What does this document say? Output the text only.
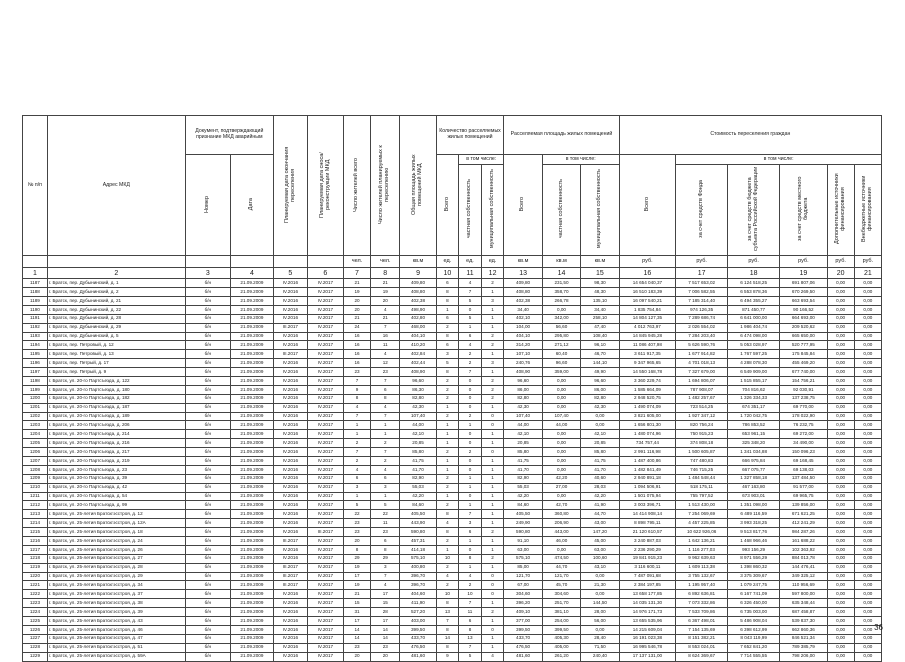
№ п/п	Адрес МКД	Документ, подтверждающий признание МКД аварийным		Планируемая дата окончания переселения	Планируемая дата сноса/реконструкции МКД	Число жителей всего	Число жителей планируемых к переселению	Общая площадь жилых помещений МКД	Количество расселяемых жилых помещений			Расселяемая площадь жилых помещений			Стоимость переселения граждан					
		Номер	Дата						Всего	в том числе:		Всего	в том числе:		Всего	в том числе:				
										частная собственность	муниципальная собственность		частная собственность	муниципальная собственность		за счет средств Фонда	за счет средств бюджета субъекта Российской Федерации	за счет средств местного бюджета	Дополнительные источники финансирования	Внебюджетные источники финансирования
						чел.	чел.	кв.м	ед.	ед.	ед.	кв.м	кв.м	кв.м	руб.	руб.	руб.	руб.	руб.	руб.
1	2	3	4	5	6	7	8	9	10	11	12	13	14	15	16	17	18	19	20	21
1187	г. Братск, пер. Дубынинский, д. 1	б/н	21.09.2009	IV.2016	IV.2017	21	21	409,80	6	4	2	409,80	231,50	98,30	14 654 040,37	7 517 653,02	6 124 518,25	691 807,06	0,00	0,00
1188	г. Братск, пер. Дубынинский, д. 2	б/н	21.09.2009	IV.2016	IV.2017	19	19	408,80	8	7	1	408,80	358,70	48,30	16 510 183,39	7 006 582,55	6 553 878,36	670 269,50	0,00	0,00
1189	г. Братск, пер. Дубынинский, д. 21	б/н	21.09.2009	IV.2016	IV.2017	20	20	402,38	8	5	3	402,38	266,78	135,10	16 097 540,21	7 185 314,40	6 494 355,27	663 693,54	0,00	0,00
1190	г. Братск, пер. Дубынинский, д. 22	б/н	21.09.2009	IV.2016	IV.2017	20	4	498,90	1	0	1	34,40	0,00	34,40	1 835 754,84	974 126,35	871 450,77	90 166,52	0,00	0,00
1191	г. Братск, пер. Дубынинский, д. 28	б/н	21.09.2009	IV.2016	IV.2017	21	21	402,80	6	5	1	402,10	342,00	258,10	14 804 127,35	7 289 686,74	6 641 000,00	664 693,00	0,00	0,00
1192	г. Братск, пер. Дубынинский, д. 29	б/н	21.09.2009	III.2017	IV.2017	24	7	468,00	2	1	1	104,00	56,60	47,40	4 012 763,97	2 026 554,02	1 986 404,74	209 520,62	0,00	0,00
1193	г. Братск, пер. Дубынинский, д. 5	б/н	21.09.2009	IV.2016	IV.2017	16	16	404,10	8	6	2	404,10	295,80	108,40	14 845 945,28	7 284 203,40	6 474 098,00	665 650,00	0,00	0,00
1194	г. Братск, пер. Петровый, д. 12	б/н	21.09.2009	IV.2016	IV.2017	16	11	410,20	6	4	2	314,20	271,12	96,10	11 086 407,98	5 626 590,76	5 053 028,97	520 777,95	0,00	0,00
1195	г. Братск, пер. Петровый, д. 13	б/н	21.09.2009	III.2017	IV.2017	16	4	402,84	3	2	1	107,10	60,40	46,70	3 611 917,35	1 677 914,82	1 767 597,25	175 845,84	0,00	0,00
1196	г. Братск, пер. Петрый, д. 17	б/н	21.09.2009	IV.2016	IV.2017	16	12	402,44	5	2	3	240,76	96,60	144,10	9 347 965,65	4 701 018,13	4 288 078,30	455 469,20	0,00	0,00
1197	г. Братск, пер. Петрый, д. 9	б/н	21.09.2009	IV.2016	IV.2017	23	23	408,90	8	7	1	408,90	359,00	49,90	14 550 168,78	7 327 679,00	6 549 909,00	677 740,00	0,00	0,00
1198	г. Братск, ул. 20-го Партсъезда, д. 122	б/н	21.09.2009	IV.2016	IV.2017	7	7	96,60	2	0	2	96,60	0,00	96,60	3 360 229,74	1 694 806,07	1 515 855,17	154 756,21	0,00	0,00
1199	г. Братск, ул. 20-го Партсъезда, д. 180	б/н	21.09.2009	IV.2016	IV.2017	9	6	86,30	2	0	2	86,00	0,00	86,00	1 585 664,09	787 908,07	704 816,62	92 030,91	0,00	0,00
1200	г. Братск, ул. 20-го Партсъезда, д. 182	б/н	21.09.2009	IV.2016	IV.2017	8	8	82,80	2	0	2	82,80	0,00	82,80	2 948 520,75	1 482 257,67	1 326 334,33	137 238,75	0,00	0,00
1201	г. Братск, ул. 20-го Партсъезда, д. 187	б/н	21.09.2009	IV.2016	IV.2017	4	4	42,30	1	0	1	42,30	0,00	42,30	1 490 074,09	723 514,25	674 351,17	69 770,00	0,00	0,00
1202	г. Братск, ул. 20-го Партсъезда, д. 189	б/н	21.09.2009	IV.2016	IV.2017	7	7	107,40	2	2	0	107,40	107,40	0,00	3 821 605,00	1 927 347,12	1 720 042,75	178 022,90	0,00	0,00
1203	г. Братск, ул. 20-го Партсъезда, д. 206	б/н	21.09.2009	IV.2016	IV.2017	1	1	44,00	1	1	0	44,00	44,00	0,00	1 656 801,30	820 756,24	786 853,52	76 232,75	0,00	0,00
1204	г. Братск, ул. 20-го Партсъезда, д. 214	б/н	21.09.2009	IV.2016	IV.2017	1	1	42,10	1	0	1	42,10	0,00	42,10	1 480 074,96	750 915,23	653 961,15	69 272,00	0,00	0,00
1205	г. Братск, ул. 20-го Партсъезда, д. 216	б/н	21.09.2009	IV.2016	IV.2017	2	2	20,85	1	0	1	20,85	0,00	20,85	734 757,44	374 808,18	325 348,20	34 490,00	0,00	0,00
1206	г. Братск, ул. 20-го Партсъезда, д. 217	б/н	21.09.2009	IV.2016	IV.2017	7	7	85,80	2	2	0	85,80	0,00	85,80	2 991 116,98	1 500 605,87	1 341 034,88	150 096,23	0,00	0,00
1207	г. Братск, ул. 20-го Партсъезда, д. 219	б/н	21.09.2009	IV.2016	IV.2017	2	2	41,75	1	0	1	41,75	0,00	41,75	1 487 400,86	747 480,83	666 975,84	69 168,45	0,00	0,00
1208	г. Братск, ул. 20-го Партсъезда, д. 23	б/н	21.09.2009	IV.2016	IV.2017	4	4	41,70	1	0	1	41,70	0,00	41,70	1 482 841,49	746 715,25	667 075,77	69 138,03	0,00	0,00
1209	г. Братск, ул. 20-го Партсъезда, д. 39	б/н	21.09.2009	IV.2016	IV.2017	6	6	82,90	2	1	1	82,90	42,20	40,60	2 940 891,18	1 484 548,44	1 327 858,18	137 484,50	0,00	0,00
1210	г. Братск, ул. 20-го Партсъезда, д. 42	б/н	21.09.2009	IV.2016	IV.2017	3	3	55,03	2	1	1	55,03	27,00	28,03	1 094 506,91	518 175,11	467 163,80	91 577,00	0,00	0,00
1211	г. Братск, ул. 20-го Партсъезда, д. 54	б/н	21.09.2009	IV.2016	IV.2017	1	1	42,20	1	0	1	42,20	0,00	42,20	1 501 075,94	755 797,52	673 903,01	69 965,75	0,00	0,00
1212	г. Братск, ул. 20-го Партсъезда, д. 99	б/н	21.09.2009	IV.2016	IV.2017	5	5	84,60	2	1	1	84,60	42,70	41,90	3 003 396,71	1 513 430,00	1 351 098,00	139 856,00	0,00	0,00
1213	г. Братск, ул. 25-летия Братскгэсстроя, д. 12	б/н	21.09.2009	IV.2016	IV.2017	22	22	405,50	8	7	1	405,50	360,80	44,70	14 414 908,14	7 254 069,69	6 489 116,59	671 621,25	0,00	0,00
1214	г. Братск, ул. 25-летия Братскгэсстроя, д. 12А	б/н	21.09.2009	IV.2016	IV.2017	23	11	443,90	4	3	1	249,90	206,90	43,00	8 898 795,11	4 457 225,85	3 993 318,25	412 241,29	0,00	0,00
1215	г. Братск, ул. 25-летия Братскгэсстроя, д. 18	б/н	21.09.2009	IV.2016	III.2017	23	23	590,80	8	6	2	590,80	443,00	147,20	21 120 610,57	10 622 926,06	9 513 817,76	984 287,26	0,00	0,00
1216	г. Братск, ул. 25-летия Братскгэсстроя, д. 24	б/н	21.09.2009	III.2017	IV.2017	20	6	457,31	2	1	1	91,10	46,00	45,00	3 240 887,03	1 642 136,21	1 468 966,46	161 688,22	0,00	0,00
1217	г. Братск, ул. 25-летия Братскгэсстроя, д. 26	б/н	21.09.2009	IV.2016	IV.2017	8	8	414,18	1	0	1	63,00	0,00	63,00	2 236 290,29	1 116 277,03	993 156,29	102 363,92	0,00	0,00
1218	г. Братск, ул. 25-летия Братскгэсстроя, д. 27	б/н	21.09.2009	IV.2016	IV.2017	29	29	575,10	10	8	2	575,10	474,50	100,60	19 841 915,23	9 962 639,63	8 971 556,29	884 013,78	0,00	0,00
1219	г. Братск, ул. 25-летия Братскгэсстроя, д. 28	б/н	21.09.2009	III.2017	IV.2017	19	3	400,80	2	1	1	85,00	44,70	43,10	3 116 600,11	1 609 113,38	1 398 860,32	144 476,41	0,00	0,00
1220	г. Братск, ул. 25-летия Братскгэсстроя, д. 29	б/н	21.09.2009	III.2017	IV.2017	17	7	396,70	4	4	0	121,70	121,70	0,00	7 487 091,68	3 755 132,67	3 375 309,67	349 325,12	0,00	0,00
1221	г. Братск, ул. 25-летия Братскгэсстроя, д. 34	б/н	21.09.2009	III.2017	IV.2017	19	4	396,70	2	2	0	67,00	45,70	21,30	2 384 197,85	1 195 957,40	1 079 247,75	110 956,69	0,00	0,00
1222	г. Братск, ул. 25-летия Братскгэсстроя, д. 37	б/н	21.09.2009	IV.2016	IV.2017	21	17	404,60	10	10	0	304,60	304,60	0,00	13 658 177,85	6 892 636,81	6 167 741,09	597 800,00	0,00	0,00
1223	г. Братск, ул. 25-летия Братскгэсстроя, д. 38	б/н	21.09.2009	IV.2016	IV.2017	15	15	411,90	8	7	1	396,20	251,70	144,50	14 035 131,30	7 073 332,86	6 326 450,00	635 348,44	0,00	0,00
1224	г. Братск, ул. 25-летия Братскгэсстроя, д. 39	б/н	21.09.2009	IV.2016	IV.2017	31	28	527,20	13	11	2	409,10	381,10	28,00	14 976 171,73	7 533 709,86	6 735 003,00	687 458,87	0,00	0,00
1225	г. Братск, ул. 25-летия Братскгэсстроя, д. 43	б/н	21.09.2009	IV.2016	IV.2017	17	17	403,00	7	6	1	377,00	254,00	56,00	13 655 535,96	6 367 498,01	5 486 908,04	539 837,30	0,00	0,00
1226	г. Братск, ул. 25-летия Братскгэсстроя, д. 46	б/н	21.09.2009	IV.2016	IV.2017	14	14	399,50	8	8	0	399,50	399,50	0,00	14 215 609,04	7 154 135,69	6 398 612,99	662 860,36	0,00	0,00
1227	г. Братск, ул. 25-летия Братскгэсстроя, д. 47	б/н	21.09.2009	IV.2016	IV.2017	14	14	433,70	14	13	1	433,70	405,30	28,40	16 191 023,38	8 151 382,21	8 043 119,99	846 521,34	0,00	0,00
1228	г. Братск, ул. 25-летия Братскгэсстроя, д. 51	б/н	21.09.2009	IV.2016	IV.2017	23	23	476,50	8	7	1	476,50	405,00	71,50	16 995 546,78	8 553 024,01	7 652 841,20	789 385,79	0,00	0,00
1229	г. Братск, ул. 25-летия Братскгэсстроя, д. 59А	б/н	21.09.2009	IV.2016	IV.2017	20	20	481,60	9	5	4	481,60	261,20	240,40	17 137 131,00	8 624 369,67	7 714 555,55	798 206,00	0,00	0,00
36
